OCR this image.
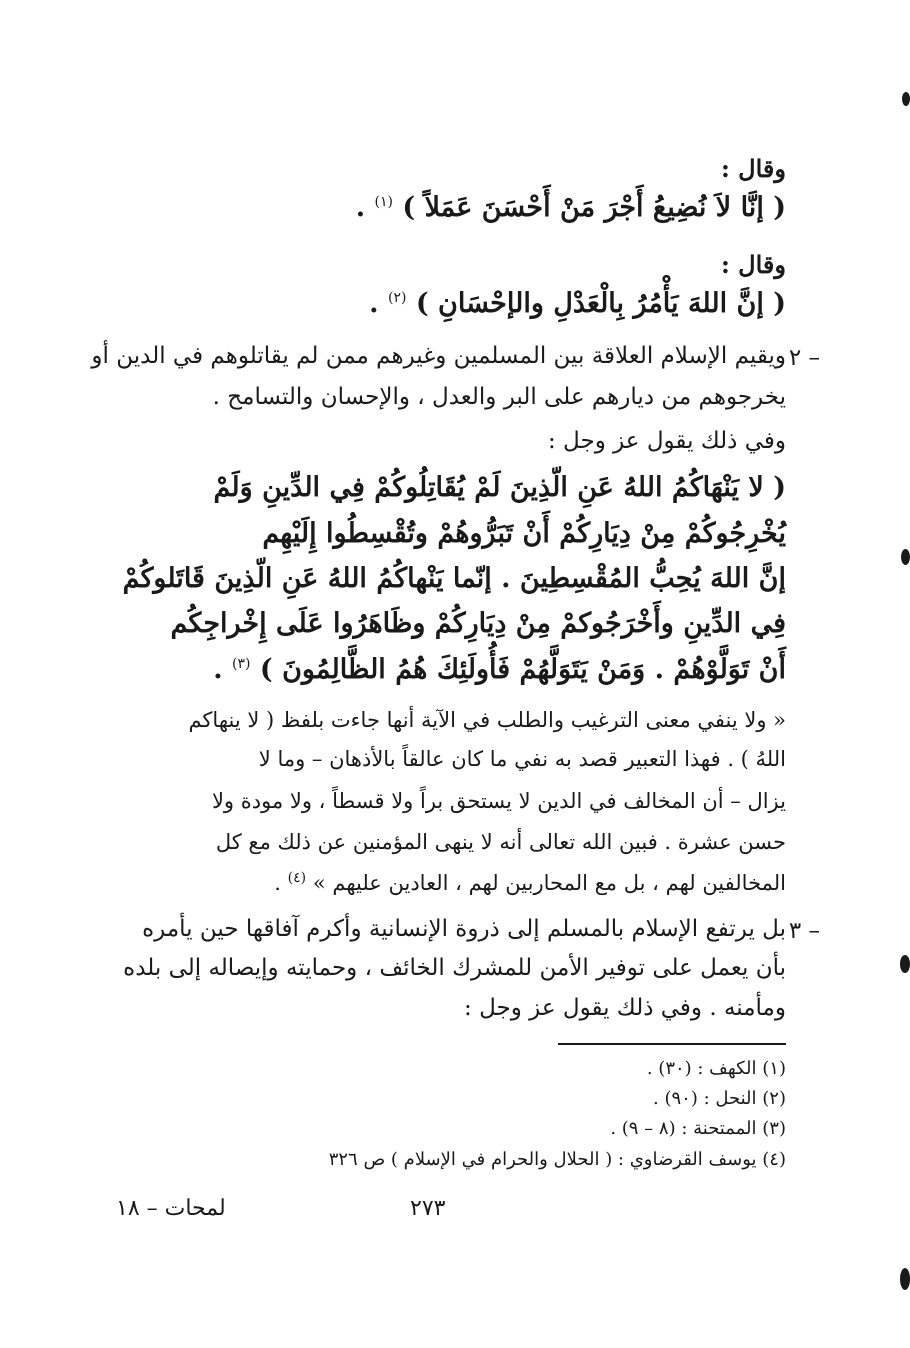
وقال :
( إنَّا لاَ نُضِيعُ أَجْرَ مَنْ أَحْسَنَ عَمَلاً ) $^{(١)}$ .
وقال :
( إنَّ اللهَ يَأْمُرُ بِالْعَدْلِ والإحْسَانِ ) $^{(٢)}$ .
٢ –
ويقيم الإسلام العلاقة بين المسلمين وغيرهم ممن لم يقاتلوهم في الدين أو
يخرجوهم من ديارهم على البر والعدل ، والإحسان والتسامح .
وفي ذلك يقول عز وجل :
( لا يَنْهَاكُمُ اللهُ عَنِ الّذِينَ لَمْ يُقَاتِلُوكُمْ فِي الدِّينِ وَلَمْ
يُخْرِجُوكُمْ مِنْ دِيَارِكُمْ أَنْ تَبَرُّوهُمْ وتُقْسِطُوا إِلَيْهِم
إنَّ اللهَ يُحِبُّ المُقْسِطِينَ . إنّما يَنْهاكُمُ اللهُ عَنِ الّذِينَ قَاتَلوكُمْ
فِي الدِّينِ وأَخْرَجُوكمْ مِنْ دِيَارِكُمْ وظَاهَرُوا عَلَى إِخْراجِكُم
أَنْ تَوَلَّوْهُمْ . وَمَنْ يَتَوَلَّهُمْ فَأُولَئِكَ هُمُ الظَّالِمُونَ ) $^{(٣)}$ .
« ولا ينفي معنى الترغيب والطلب في الآية أنها جاءت بلفظ ( لا ينهاكم
اللهُ ) . فهذا التعبير قصد به نفي ما كان عالقاً بالأذهان – وما لا
يزال – أن المخالف في الدين لا يستحق براً ولا قسطاً ، ولا مودة ولا
حسن عشرة . فبين الله تعالى أنه لا ينهى المؤمنين عن ذلك مع كل
المخالفين لهم ، بل مع المحاربين لهم ، العادين عليهم » $^{(٤)}$ .
٣ –
بل يرتفع الإسلام بالمسلم إلى ذروة الإنسانية وأكرم آفاقها حين يأمره
بأن يعمل على توفير الأمن للمشرك الخائف ، وحمايته وإيصاله إلى بلده
ومأمنه . وفي ذلك يقول عز وجل :
(١) الكهف : (٣٠) .
(٢) النحل : (٩٠) .
(٣) الممتحنة : (٨ – ٩) .
(٤) يوسف القرضاوي : ( الحلال والحرام في الإسلام ) ص ٣٢٦
٢٧٣
لمحات – ١٨
